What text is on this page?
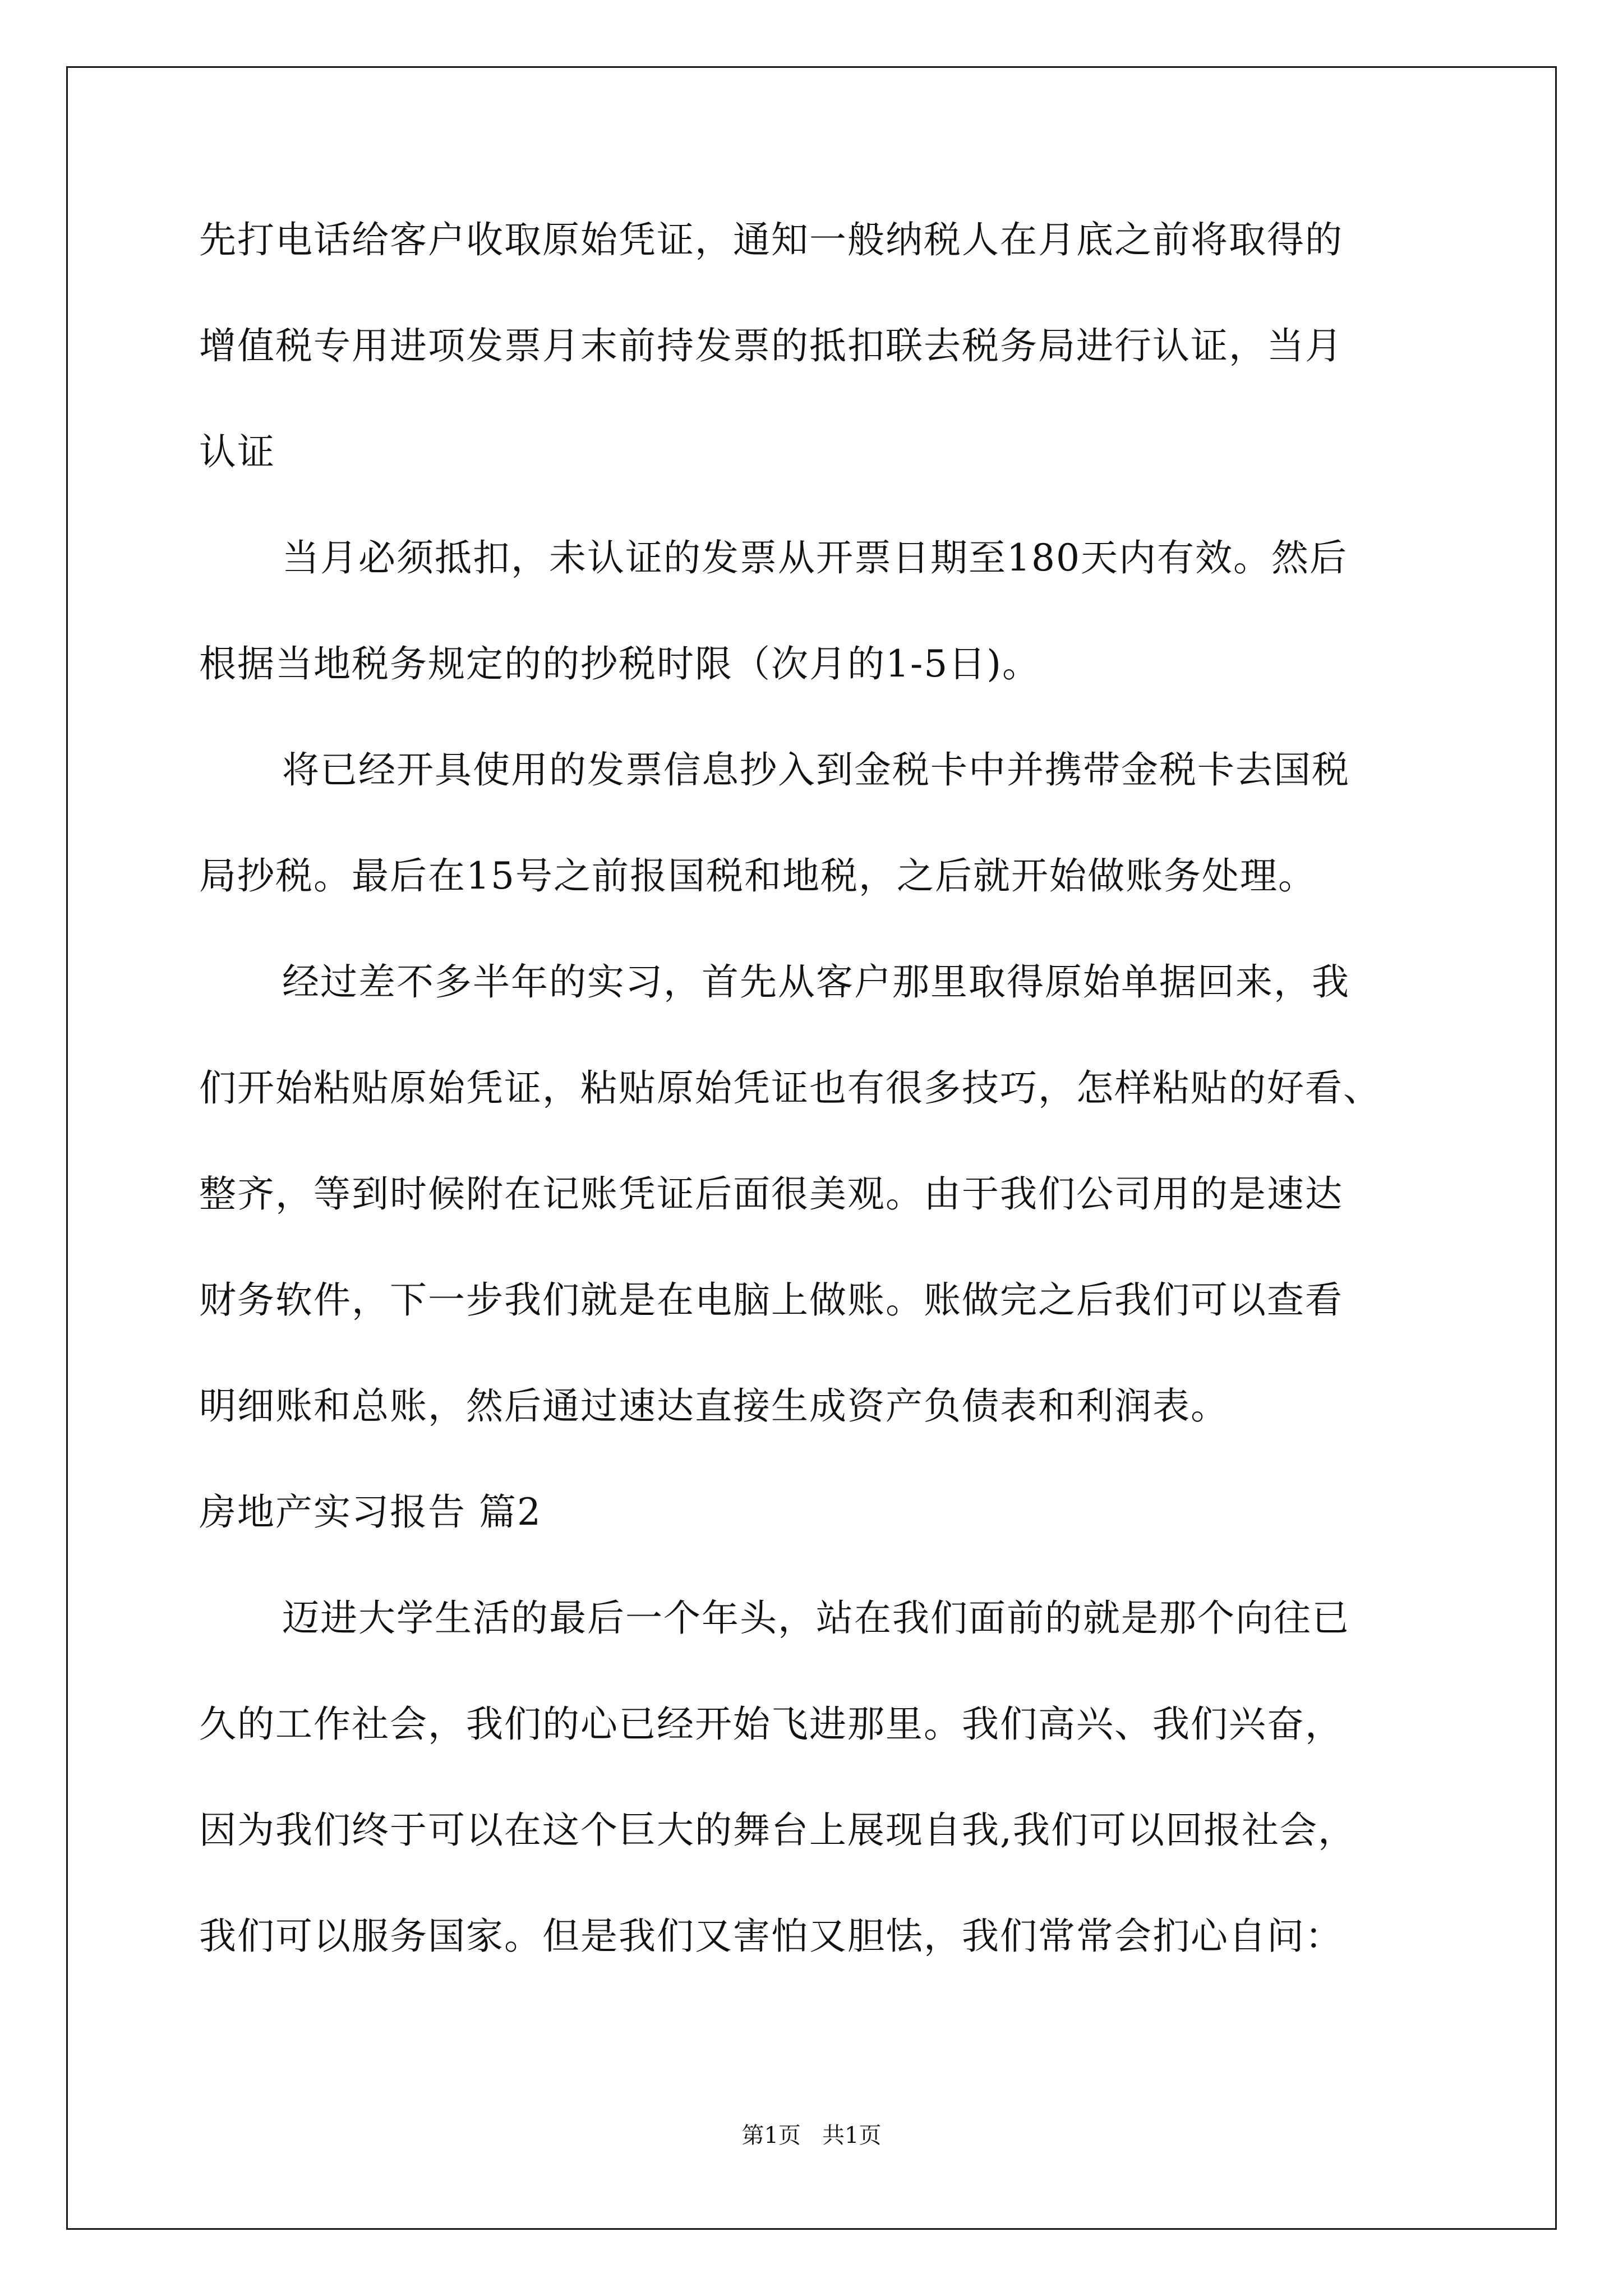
先打电话给客户收取原始凭证，通知一般纳税人在月底之前将取得的
增值税专用进项发票月末前持发票的抵扣联去税务局进行认证，当月
认证
当月必须抵扣，未认证的发票从开票日期至180天内有效。然后
根据当地税务规定的的抄税时限（次月的1-5日)。
将已经开具使用的发票信息抄入到金税卡中并携带金税卡去国税
局抄税。最后在15号之前报国税和地税，之后就开始做账务处理。
经过差不多半年的实习，首先从客户那里取得原始单据回来，我
们开始粘贴原始凭证，粘贴原始凭证也有很多技巧，怎样粘贴的好看、
整齐，等到时候附在记账凭证后面很美观。由于我们公司用的是速达
财务软件，下一步我们就是在电脑上做账。账做完之后我们可以查看
明细账和总账，然后通过速达直接生成资产负债表和利润表。
房地产实习报告 篇2
迈进大学生活的最后一个年头，站在我们面前的就是那个向往已
久的工作社会，我们的心已经开始飞进那里。我们高兴、我们兴奋，
因为我们终于可以在这个巨大的舞台上展现自我,我们可以回报社会，
我们可以服务国家。但是我们又害怕又胆怯，我们常常会扪心自问：
第1页   共1页
